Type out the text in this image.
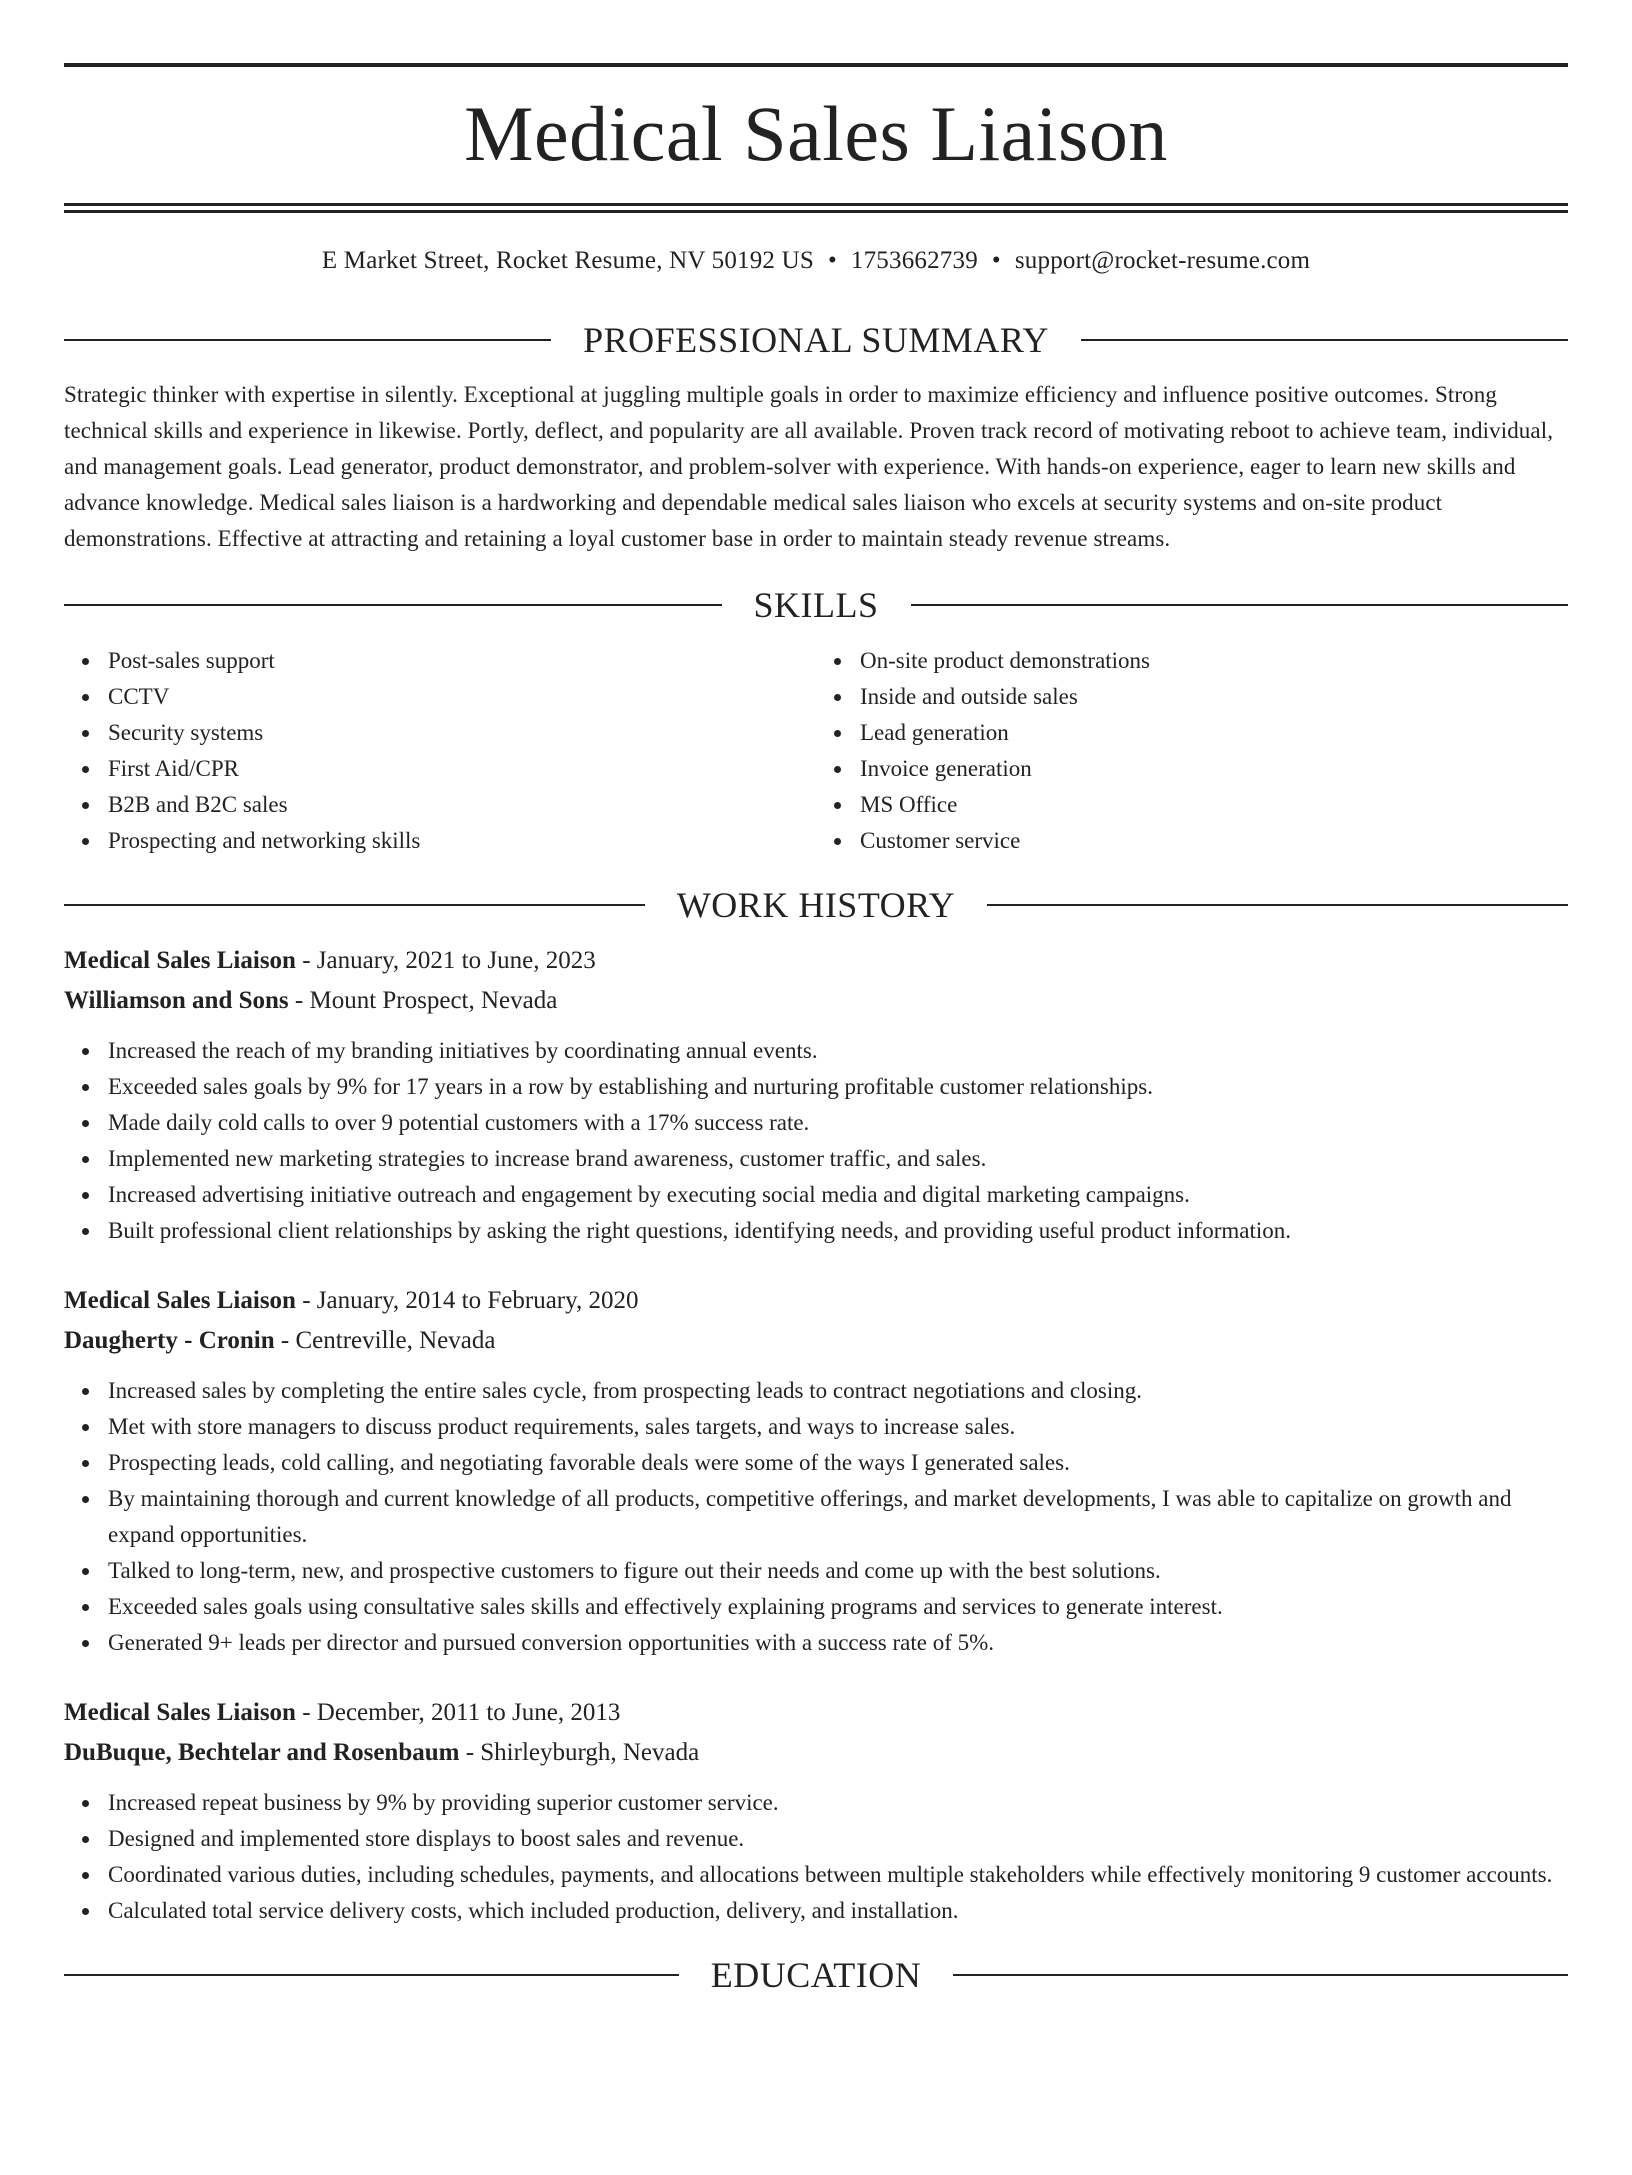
Medical Sales Liaison
E Market Street, Rocket Resume, NV 50192 US • 1753662739 • support@rocket-resume.com
PROFESSIONAL SUMMARY
Strategic thinker with expertise in silently. Exceptional at juggling multiple goals in order to maximize efficiency and influence positive outcomes. Strong technical skills and experience in likewise. Portly, deflect, and popularity are all available. Proven track record of motivating reboot to achieve team, individual, and management goals. Lead generator, product demonstrator, and problem-solver with experience. With hands-on experience, eager to learn new skills and advance knowledge. Medical sales liaison is a hardworking and dependable medical sales liaison who excels at security systems and on-site product demonstrations. Effective at attracting and retaining a loyal customer base in order to maintain steady revenue streams.
SKILLS
Post-sales support
CCTV
Security systems
First Aid/CPR
B2B and B2C sales
Prospecting and networking skills
On-site product demonstrations
Inside and outside sales
Lead generation
Invoice generation
MS Office
Customer service
WORK HISTORY
Medical Sales Liaison - January, 2021 to June, 2023
Williamson and Sons - Mount Prospect, Nevada
Increased the reach of my branding initiatives by coordinating annual events.
Exceeded sales goals by 9% for 17 years in a row by establishing and nurturing profitable customer relationships.
Made daily cold calls to over 9 potential customers with a 17% success rate.
Implemented new marketing strategies to increase brand awareness, customer traffic, and sales.
Increased advertising initiative outreach and engagement by executing social media and digital marketing campaigns.
Built professional client relationships by asking the right questions, identifying needs, and providing useful product information.
Medical Sales Liaison - January, 2014 to February, 2020
Daugherty - Cronin - Centreville, Nevada
Increased sales by completing the entire sales cycle, from prospecting leads to contract negotiations and closing.
Met with store managers to discuss product requirements, sales targets, and ways to increase sales.
Prospecting leads, cold calling, and negotiating favorable deals were some of the ways I generated sales.
By maintaining thorough and current knowledge of all products, competitive offerings, and market developments, I was able to capitalize on growth and expand opportunities.
Talked to long-term, new, and prospective customers to figure out their needs and come up with the best solutions.
Exceeded sales goals using consultative sales skills and effectively explaining programs and services to generate interest.
Generated 9+ leads per director and pursued conversion opportunities with a success rate of 5%.
Medical Sales Liaison - December, 2011 to June, 2013
DuBuque, Bechtelar and Rosenbaum - Shirleyburgh, Nevada
Increased repeat business by 9% by providing superior customer service.
Designed and implemented store displays to boost sales and revenue.
Coordinated various duties, including schedules, payments, and allocations between multiple stakeholders while effectively monitoring 9 customer accounts.
Calculated total service delivery costs, which included production, delivery, and installation.
EDUCATION
